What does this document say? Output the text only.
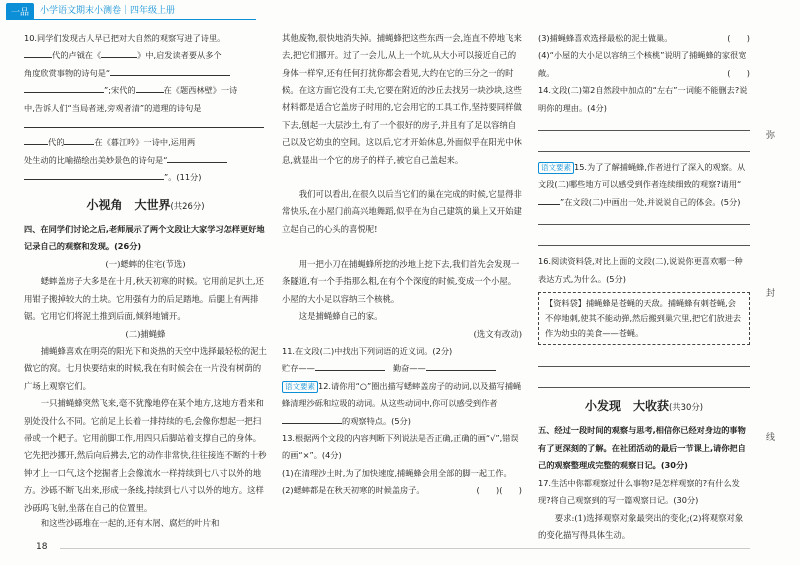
一品	小学语文期末小测卷｜四年级上册
10.同学们发现古人早已把对大自然的观察写进了诗里。
代的卢钺在《	》中,启发读者要从多个
角度欣赏事物的诗句是“
”;宋代的	在《题西林壁》一诗
中,告诉人们“当局者迷,旁观者清”的道理的诗句是
代的	在《暮江吟》一诗中,运用两
处生动的比喻描绘出美妙景色的诗句是“
”。(11分)
小视角　大世界(共26分)
四、在同学们讨论之后,老师展示了两个文段让大家学习怎样更好地记录自己的观察和发现。(26分)
(一)蟋蟀的住宅(节选)
蟋蟀盖房子大多是在十月,秋天初寒的时候。它用前足扒土,还用钳子搬掉较大的土块。它用强有力的后足踏地。后腿上有两排锯。它用它们将泥土推到后面,倾斜地铺开。
(二)捕蝇蜂
捕蝇蜂喜欢在明亮的阳光下和炎热的天空中选择最轻松的泥土做它的窝。七月快要结束的时候,我在有时候会在一片没有树荫的广场上观察它们。
一只捕蝇蜂突然飞来,毫不犹豫地停在某个地方,这地方看来和别处没什么不同。它前足上长着一排持续的毛,会像你想起一把扫帚或一个耙子。它用前脚工作,用四只后脚站着支撑自己的身体。它先把沙挪开,然后向后拂去,它的动作非常快,往往接连不断约十秒钟才上一口气,这个挖掘者上会像流水一样持续到七八寸以外的地方。沙砾不断飞出来,形成一条线,持续到七八寸以外的地方。这样沙砾呜飞射,坐落在自己的位置里。
和这些沙砾堆在一起的,还有木屑、腐烂的叶片和
其他废物,很快地消失掉。捕蝇蜂把这些东西一会,连直不停地飞来去,把它们挪开。过了一会儿,从上一个坑,从大小可以接近自己的身体一样窄,还有任何打扰你都会看见,大约在它的三分之一的时候。 在这方面它没有工夫,它要在附近的沙丘去找另一块沙块,这些材料都是适合它盖房子时用的,它会用它的工具工作,坚持要同样做下去,刨起一大层沙土,有了一个很好的房子,并且有了足以容纳自己以及它幼虫的空间。这以后,它才开始休息,外面似乎在阳光中休息,就显出一个它的房子的样子,被它自己盖起来。
我们可以看出,在很久以后当它们的巢在完成的时候,它显得非常快乐,在小屋门前高兴地舞蹈,似乎在为自己建筑的巢上又开始建立起自己的心头的喜悦呢!
用一把小刀在捕蝇蜂所挖的沙地上挖下去,我们首先会发现一条隧道,有一个手指那么粗,在有个个深度的时候,变成一个小屋。小屋的大小足以容纳三个核桃。
这是捕蝇蜂自己的家。
(选文有改动)
11.在文段(二)中找出下列词语的近义词。(2分)
贮存——　	勤奋——
语文要素 12.请你用“○”圈出描写蟋蟀盖房子的动词,以及描写捕蝇蜂清理沙砾和垃圾的动词。从这些动词中,你可以感受到作者的观察特点。(5分)
13.根据两个文段的内容判断下列说法是否正确,正确的画“√”,错误的画“×”。(4分)
(1)在清理沙土时,为了加快速度,捕蝇蜂会用全部的脚一起工作。
(　　)
(2)蟋蟀都是在秋天初寒的时候盖房子。	(　　)
(3)捕蝇蜂喜欢选择最松的泥土做巢。	(　　)
(4)“小屋的大小足以容纳三个核桃”说明了捕蝇蜂的家很宽敞。	(　　)
14.文段(二)第2自然段中加点的“左右”一词能不能删去?说明你的理由。(4分)
语文要素 15.为了了解捕蝇蜂,作者进行了深入的观察。从文段(二)哪些地方可以感受到作者连续细致的观察?请用“”在文段(二)中画出一处,并说说自己的体会。(5分)
16.阅读资料袋,对比上面的文段(二),说说你更喜欢哪一种表达方式,为什么。(5分)
【资料袋】捕蝇蜂是苍蝇的天敌。捕蝇蜂有刺苍蝇,会不停地刺,使其不能动弹,然后搬到巢穴里,把它们放进去作为幼虫的美食——苍蝇。
小发现　大收获(共30分)
五、经过一段时间的观察与思考,相信你已经对身边的事物有了更深刻的了解。在社团活动的最后一节课上,请你把自己的观察整理成完整的观察日记。(30分)
17.生活中你都观察过什么事物?是怎样观察的?有什么发现?将自己观察到的写一篇观察日记。(30分)
要求:(1)选择观察对象最突出的变化;(2)将观察对象的变化描写得具体生动。
弥
封
线
18
